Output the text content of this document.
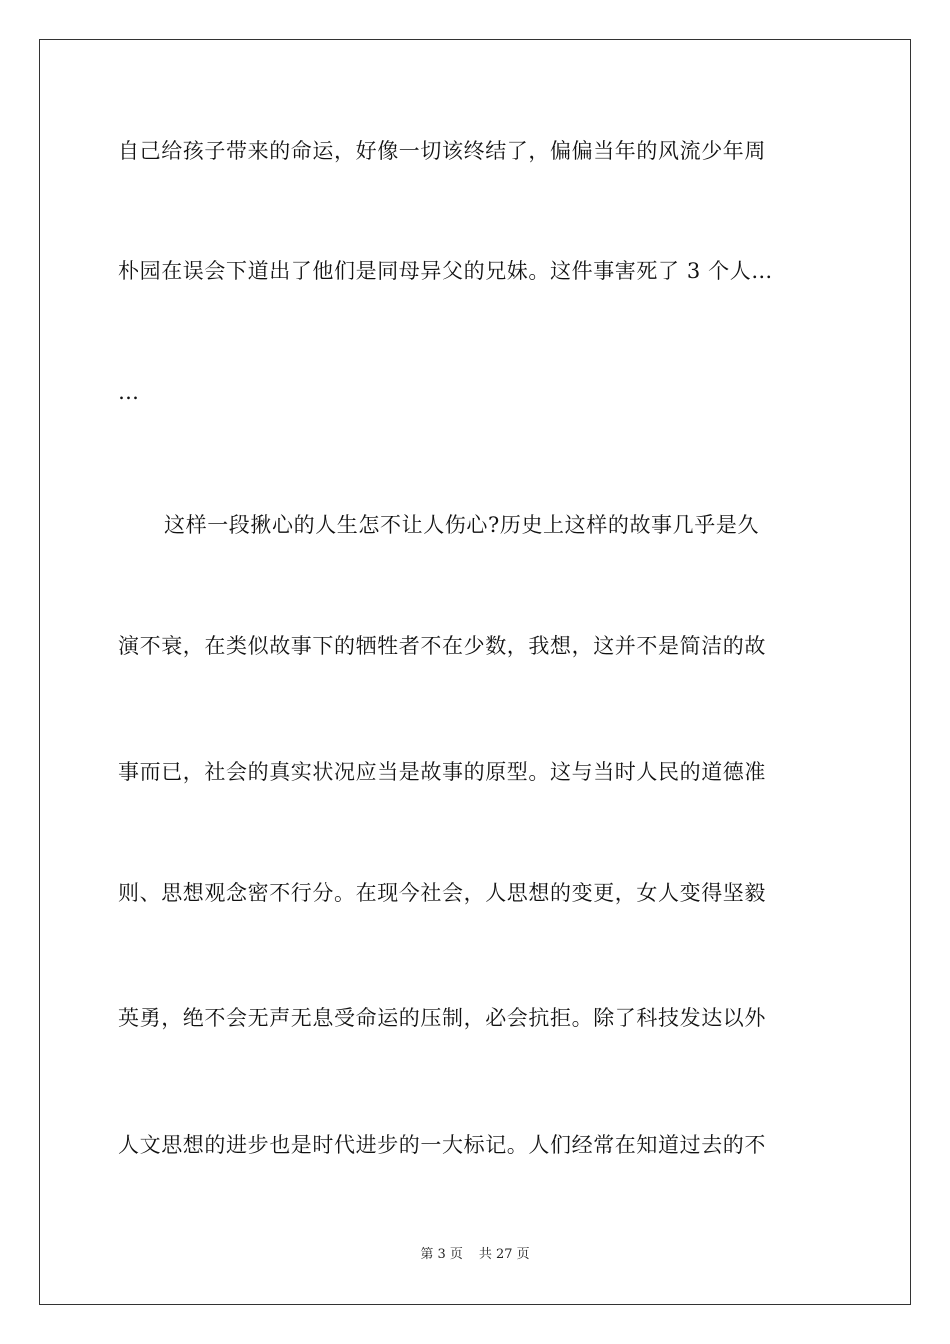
自己给孩子带来的命运，好像一切该终结了，偏偏当年的风流少年周
朴园在误会下道出了他们是同母异父的兄妹。这件事害死了 3 个人…
…
这样一段揪心的人生怎不让人伤心?历史上这样的故事几乎是久
演不衰，在类似故事下的牺牲者不在少数，我想，这并不是简洁的故
事而已，社会的真实状况应当是故事的原型。这与当时人民的道德准
则、思想观念密不行分。在现今社会，人思想的变更，女人变得坚毅
英勇，绝不会无声无息受命运的压制，必会抗拒。除了科技发达以外
人文思想的进步也是时代进步的一大标记。人们经常在知道过去的不
第 3 页 共 27 页
